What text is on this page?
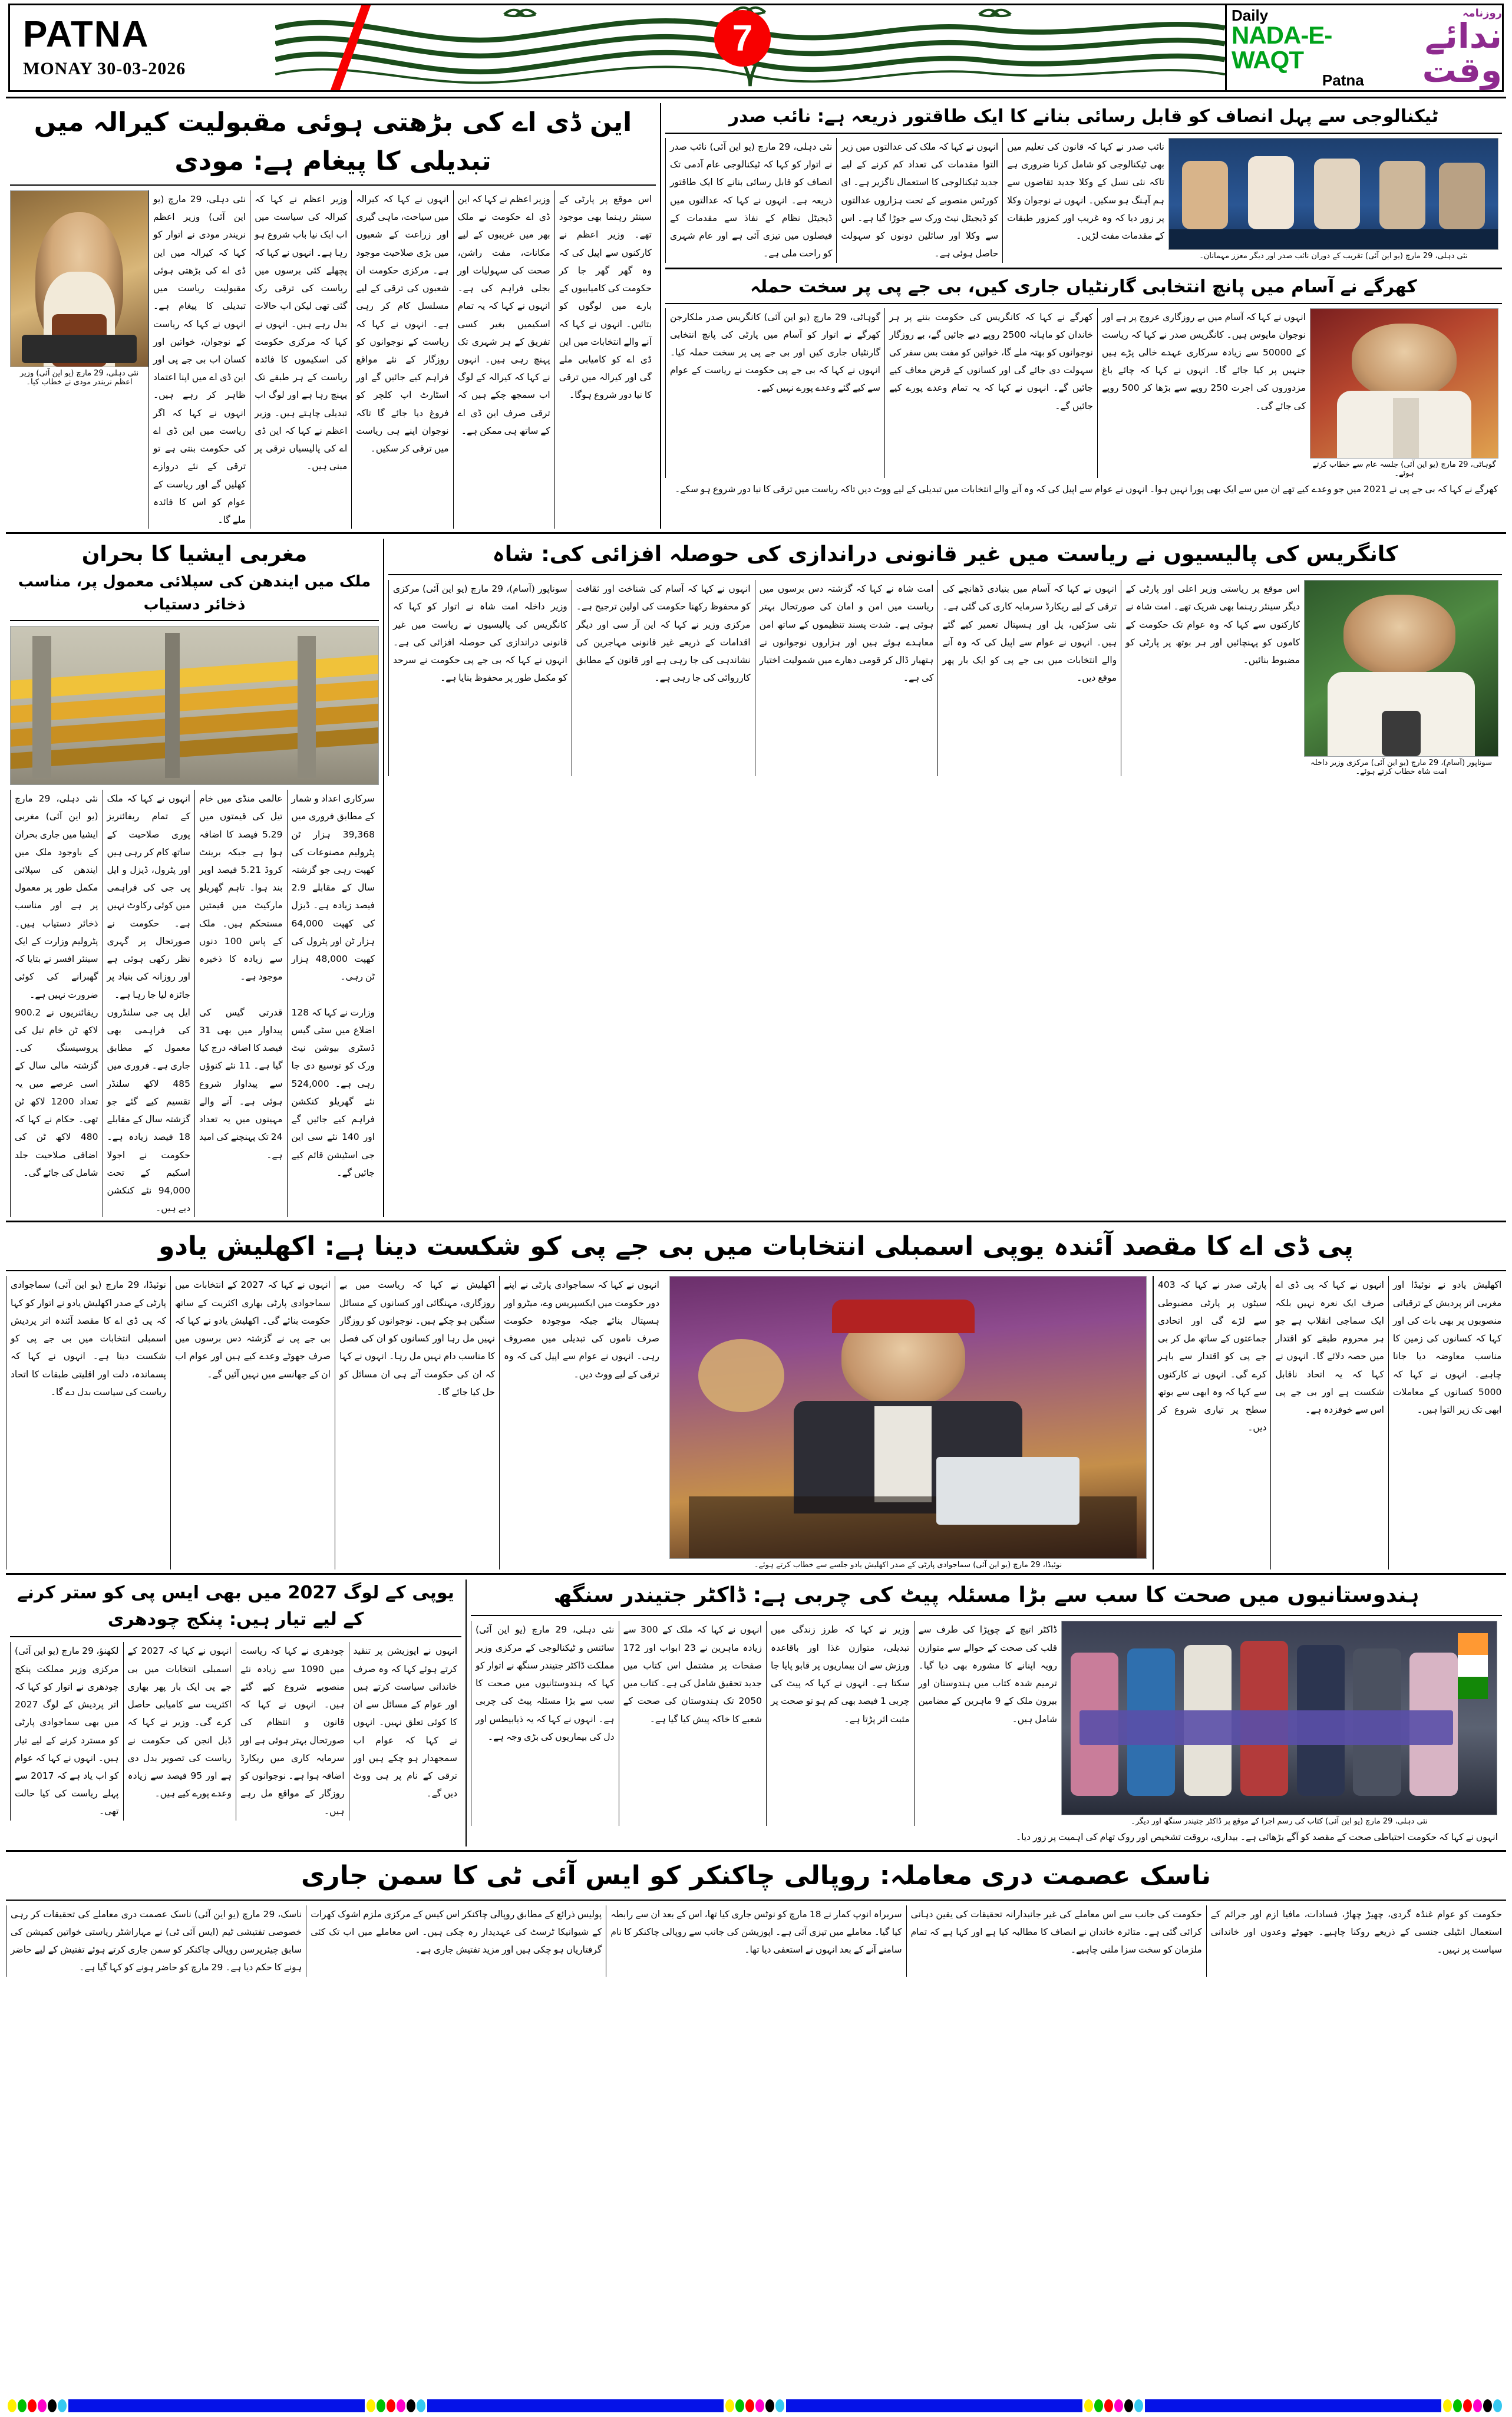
PATNA
MONAY 30-03-2026
Daily
NADA-E-WAQT
Patna
روزنامہ
ندائے وقت
7
این ڈی اے کی بڑھتی ہوئی مقبولیت کیرالہ میں تبدیلی کا پیغام ہے: مودی
نئی دہلی، 29 مارچ (یو این آئی) وزیر اعظم نریندر مودی نے خطاب کیا۔
نئی دہلی، 29 مارچ (یو این آئی) وزیر اعظم نریندر مودی نے اتوار کو کہا کہ کیرالہ میں این ڈی اے کی بڑھتی ہوئی مقبولیت ریاست میں تبدیلی کا پیغام ہے۔ انہوں نے کہا کہ ریاست کے نوجوان، خواتین اور کسان اب بی جے پی اور این ڈی اے میں اپنا اعتماد ظاہر کر رہے ہیں۔ انہوں نے کہا کہ اگر ریاست میں این ڈی اے کی حکومت بنتی ہے تو ترقی کے نئے دروازے کھلیں گے اور ریاست کے عوام کو اس کا فائدہ ملے گا۔
وزیر اعظم نے کہا کہ کیرالہ کی سیاست میں اب ایک نیا باب شروع ہو رہا ہے۔ انہوں نے کہا کہ پچھلے کئی برسوں میں ریاست کی ترقی رک گئی تھی لیکن اب حالات بدل رہے ہیں۔ انہوں نے کہا کہ مرکزی حکومت کی اسکیموں کا فائدہ ریاست کے ہر طبقے تک پہنچ رہا ہے اور لوگ اب تبدیلی چاہتے ہیں۔ وزیر اعظم نے کہا کہ این ڈی اے کی پالیسیاں ترقی پر مبنی ہیں۔
انہوں نے کہا کہ کیرالہ میں سیاحت، ماہی گیری اور زراعت کے شعبوں میں بڑی صلاحیت موجود ہے۔ مرکزی حکومت ان شعبوں کی ترقی کے لیے مسلسل کام کر رہی ہے۔ انہوں نے کہا کہ ریاست کے نوجوانوں کو روزگار کے نئے مواقع فراہم کیے جائیں گے اور اسٹارٹ اپ کلچر کو فروغ دیا جائے گا تاکہ نوجوان اپنے ہی ریاست میں ترقی کر سکیں۔
وزیر اعظم نے کہا کہ این ڈی اے حکومت نے ملک بھر میں غریبوں کے لیے مکانات، مفت راشن، صحت کی سہولیات اور بجلی فراہم کی ہے۔ انہوں نے کہا کہ یہ تمام اسکیمیں بغیر کسی تفریق کے ہر شہری تک پہنچ رہی ہیں۔ انہوں نے کہا کہ کیرالہ کے لوگ اب سمجھ چکے ہیں کہ ترقی صرف این ڈی اے کے ساتھ ہی ممکن ہے۔
اس موقع پر پارٹی کے سینئر رہنما بھی موجود تھے۔ وزیر اعظم نے کارکنوں سے اپیل کی کہ وہ گھر گھر جا کر حکومت کی کامیابیوں کے بارے میں لوگوں کو بتائیں۔ انہوں نے کہا کہ آنے والے انتخابات میں این ڈی اے کو کامیابی ملے گی اور کیرالہ میں ترقی کا نیا دور شروع ہوگا۔
ٹیکنالوجی سے پہل انصاف کو قابل رسائی بنانے کا ایک طاقتور ذریعہ ہے: نائب صدر
نئی دہلی، 29 مارچ (یو این آئی) نائب صدر نے اتوار کو کہا کہ ٹیکنالوجی عام آدمی تک انصاف کو قابل رسائی بنانے کا ایک طاقتور ذریعہ ہے۔ انہوں نے کہا کہ عدالتوں میں ڈیجیٹل نظام کے نفاذ سے مقدمات کے فیصلوں میں تیزی آئی ہے اور عام شہری کو راحت ملی ہے۔
انہوں نے کہا کہ ملک کی عدالتوں میں زیر التوا مقدمات کی تعداد کم کرنے کے لیے جدید ٹیکنالوجی کا استعمال ناگزیر ہے۔ ای کورٹس منصوبے کے تحت ہزاروں عدالتوں کو ڈیجیٹل نیٹ ورک سے جوڑا گیا ہے۔ اس سے وکلا اور سائلین دونوں کو سہولت حاصل ہوئی ہے۔
نائب صدر نے کہا کہ قانون کی تعلیم میں بھی ٹیکنالوجی کو شامل کرنا ضروری ہے تاکہ نئی نسل کے وکلا جدید تقاضوں سے ہم آہنگ ہو سکیں۔ انہوں نے نوجوان وکلا پر زور دیا کہ وہ غریب اور کمزور طبقات کے مقدمات مفت لڑیں۔
نئی دہلی، 29 مارچ (یو این آئی) تقریب کے دوران نائب صدر اور دیگر معزز مہمانان۔
کھرگے نے آسام میں پانچ انتخابی گارنٹیاں جاری کیں، بی جے پی پر سخت حملہ
گوہاٹی، 29 مارچ (یو این آئی) کانگریس صدر ملکارجن کھرگے نے اتوار کو آسام میں پارٹی کی پانچ انتخابی گارنٹیاں جاری کیں اور بی جے پی پر سخت حملہ کیا۔ انہوں نے کہا کہ بی جے پی حکومت نے ریاست کے عوام سے کیے گئے وعدے پورے نہیں کیے۔
کھرگے نے کہا کہ کانگریس کی حکومت بننے پر ہر خاندان کو ماہانہ 2500 روپے دیے جائیں گے، بے روزگار نوجوانوں کو بھتہ ملے گا، خواتین کو مفت بس سفر کی سہولت دی جائے گی اور کسانوں کے قرض معاف کیے جائیں گے۔ انہوں نے کہا کہ یہ تمام وعدے پورے کیے جائیں گے۔
انہوں نے کہا کہ آسام میں بے روزگاری عروج پر ہے اور نوجوان مایوس ہیں۔ کانگریس صدر نے کہا کہ ریاست کے 50000 سے زیادہ سرکاری عہدے خالی پڑے ہیں جنہیں پر کیا جائے گا۔ انہوں نے کہا کہ چائے باغ مزدوروں کی اجرت 250 روپے سے بڑھا کر 500 روپے کی جائے گی۔
گوہاٹی، 29 مارچ (یو این آئی) جلسہ عام سے خطاب کرتے ہوئے۔
کھرگے نے کہا کہ بی جے پی نے 2021 میں جو وعدے کیے تھے ان میں سے ایک بھی پورا نہیں ہوا۔ انہوں نے عوام سے اپیل کی کہ وہ آنے والے انتخابات میں تبدیلی کے لیے ووٹ دیں تاکہ ریاست میں ترقی کا نیا دور شروع ہو سکے۔
مغربی ایشیا کا بحران
ملک میں ایندھن کی سپلائی معمول پر، مناسب ذخائر دستیاب
نئی دہلی، 29 مارچ (یو این آئی) مغربی ایشیا میں جاری بحران کے باوجود ملک میں ایندھن کی سپلائی مکمل طور پر معمول پر ہے اور مناسب ذخائر دستیاب ہیں۔ پٹرولیم وزارت کے ایک سینئر افسر نے بتایا کہ گھبرانے کی کوئی ضرورت نہیں ہے۔
انہوں نے کہا کہ ملک کے تمام ریفائنریز پوری صلاحیت کے ساتھ کام کر رہی ہیں اور پٹرول، ڈیزل و ایل پی جی کی فراہمی میں کوئی رکاوٹ نہیں ہے۔ حکومت نے صورتحال پر گہری نظر رکھی ہوئی ہے اور روزانہ کی بنیاد پر جائزہ لیا جا رہا ہے۔
عالمی منڈی میں خام تیل کی قیمتوں میں 5.29 فیصد کا اضافہ ہوا ہے جبکہ برینٹ کروڈ 5.21 فیصد اوپر بند ہوا۔ تاہم گھریلو مارکیٹ میں قیمتیں مستحکم ہیں۔ ملک کے پاس 100 دنوں سے زیادہ کا ذخیرہ موجود ہے۔
سرکاری اعداد و شمار کے مطابق فروری میں 39,368 ہزار ٹن پٹرولیم مصنوعات کی کھپت رہی جو گزشتہ سال کے مقابلے 2.9 فیصد زیادہ ہے۔ ڈیزل کی کھپت 64,000 ہزار ٹن اور پٹرول کی کھپت 48,000 ہزار ٹن رہی۔
ریفائنریوں نے 900.2 لاکھ ٹن خام تیل کی پروسیسنگ کی۔ گزشتہ مالی سال کے اسی عرصے میں یہ تعداد 1200 لاکھ ٹن تھی۔ حکام نے کہا کہ 480 لاکھ ٹن کی اضافی صلاحیت جلد شامل کی جائے گی۔
ایل پی جی سلنڈروں کی فراہمی بھی معمول کے مطابق جاری ہے۔ فروری میں 485 لاکھ سلنڈر تقسیم کیے گئے جو گزشتہ سال کے مقابلے 18 فیصد زیادہ ہے۔ حکومت نے اجولا اسکیم کے تحت 94,000 نئے کنکشن دیے ہیں۔
قدرتی گیس کی پیداوار میں بھی 31 فیصد کا اضافہ درج کیا گیا ہے۔ 11 نئے کنوؤں سے پیداوار شروع ہوئی ہے۔ آنے والے مہینوں میں یہ تعداد 24 تک پہنچنے کی امید ہے۔
وزارت نے کہا کہ 128 اضلاع میں سٹی گیس ڈسٹری بیوشن نیٹ ورک کو توسیع دی جا رہی ہے۔ 524,000 نئے گھریلو کنکشن فراہم کیے جائیں گے اور 140 نئے سی این جی اسٹیشن قائم کیے جائیں گے۔
کانگریس کی پالیسیوں نے ریاست میں غیر قانونی دراندازی کی حوصلہ افزائی کی: شاہ
سوناپور (آسام)، 29 مارچ (یو این آئی) مرکزی وزیر داخلہ امت شاہ نے اتوار کو کہا کہ کانگریس کی پالیسیوں نے ریاست میں غیر قانونی دراندازی کی حوصلہ افزائی کی ہے۔ انہوں نے کہا کہ بی جے پی حکومت نے سرحد کو مکمل طور پر محفوظ بنایا ہے۔
انہوں نے کہا کہ آسام کی شناخت اور ثقافت کو محفوظ رکھنا حکومت کی اولین ترجیح ہے۔ مرکزی وزیر نے کہا کہ این آر سی اور دیگر اقدامات کے ذریعے غیر قانونی مہاجرین کی نشاندہی کی جا رہی ہے اور قانون کے مطابق کارروائی کی جا رہی ہے۔
امت شاہ نے کہا کہ گزشتہ دس برسوں میں ریاست میں امن و امان کی صورتحال بہتر ہوئی ہے۔ شدت پسند تنظیموں کے ساتھ امن معاہدے ہوئے ہیں اور ہزاروں نوجوانوں نے ہتھیار ڈال کر قومی دھارے میں شمولیت اختیار کی ہے۔
انہوں نے کہا کہ آسام میں بنیادی ڈھانچے کی ترقی کے لیے ریکارڈ سرمایہ کاری کی گئی ہے۔ نئی سڑکیں، پل اور ہسپتال تعمیر کیے گئے ہیں۔ انہوں نے عوام سے اپیل کی کہ وہ آنے والے انتخابات میں بی جے پی کو ایک بار پھر موقع دیں۔
اس موقع پر ریاستی وزیر اعلی اور پارٹی کے دیگر سینئر رہنما بھی شریک تھے۔ امت شاہ نے کارکنوں سے کہا کہ وہ عوام تک حکومت کے کاموں کو پہنچائیں اور ہر بوتھ پر پارٹی کو مضبوط بنائیں۔
سوناپور (آسام)، 29 مارچ (یو این آئی) مرکزی وزیر داخلہ امت شاہ خطاب کرتے ہوئے۔
پی ڈی اے کا مقصد آئندہ یوپی اسمبلی انتخابات میں بی جے پی کو شکست دینا ہے: اکھلیش یادو
نوئیڈا، 29 مارچ (یو این آئی) سماجوادی پارٹی کے صدر اکھلیش یادو نے اتوار کو کہا کہ پی ڈی اے کا مقصد آئندہ اتر پردیش اسمبلی انتخابات میں بی جے پی کو شکست دینا ہے۔ انہوں نے کہا کہ پسماندہ، دلت اور اقلیتی طبقات کا اتحاد ریاست کی سیاست بدل دے گا۔
انہوں نے کہا کہ 2027 کے انتخابات میں سماجوادی پارٹی بھاری اکثریت کے ساتھ حکومت بنائے گی۔ اکھلیش یادو نے کہا کہ بی جے پی نے گزشتہ دس برسوں میں صرف جھوٹے وعدے کیے ہیں اور عوام اب ان کے جھانسے میں نہیں آئیں گے۔
اکھلیش نے کہا کہ ریاست میں بے روزگاری، مہنگائی اور کسانوں کے مسائل سنگین ہو چکے ہیں۔ نوجوانوں کو روزگار نہیں مل رہا اور کسانوں کو ان کی فصل کا مناسب دام نہیں مل رہا۔ انہوں نے کہا کہ ان کی حکومت آتے ہی ان مسائل کو حل کیا جائے گا۔
انہوں نے کہا کہ سماجوادی پارٹی نے اپنے دور حکومت میں ایکسپریس وے، میٹرو اور ہسپتال بنائے جبکہ موجودہ حکومت صرف ناموں کی تبدیلی میں مصروف رہی۔ انہوں نے عوام سے اپیل کی کہ وہ ترقی کے لیے ووٹ دیں۔
نوئیڈا، 29 مارچ (یو این آئی) سماجوادی پارٹی کے صدر اکھلیش یادو جلسے سے خطاب کرتے ہوئے۔
پارٹی صدر نے کہا کہ 403 سیٹوں پر پارٹی مضبوطی سے لڑے گی اور اتحادی جماعتوں کے ساتھ مل کر بی جے پی کو اقتدار سے باہر کرے گی۔ انہوں نے کارکنوں سے کہا کہ وہ ابھی سے بوتھ سطح پر تیاری شروع کر دیں۔
انہوں نے کہا کہ پی ڈی اے صرف ایک نعرہ نہیں بلکہ ایک سماجی انقلاب ہے جو ہر محروم طبقے کو اقتدار میں حصہ دلائے گا۔ انہوں نے کہا کہ یہ اتحاد ناقابل شکست ہے اور بی جے پی اس سے خوفزدہ ہے۔
اکھلیش یادو نے نوئیڈا اور مغربی اتر پردیش کے ترقیاتی منصوبوں پر بھی بات کی اور کہا کہ کسانوں کی زمین کا مناسب معاوضہ دیا جانا چاہیے۔ انہوں نے کہا کہ 5000 کسانوں کے معاملات ابھی تک زیر التوا ہیں۔
یوپی کے لوگ 2027 میں بھی ایس پی کو ستر کرنے کے لیے تیار ہیں: پنکج چودھری
لکھنؤ، 29 مارچ (یو این آئی) مرکزی وزیر مملکت پنکج چودھری نے اتوار کو کہا کہ اتر پردیش کے لوگ 2027 میں بھی سماجوادی پارٹی کو مسترد کرنے کے لیے تیار ہیں۔ انہوں نے کہا کہ عوام کو اب یاد ہے کہ 2017 سے پہلے ریاست کی کیا حالت تھی۔
انہوں نے کہا کہ 2027 کے اسمبلی انتخابات میں بی جے پی ایک بار پھر بھاری اکثریت سے کامیابی حاصل کرے گی۔ وزیر نے کہا کہ ڈبل انجن کی حکومت نے ریاست کی تصویر بدل دی ہے اور 95 فیصد سے زیادہ وعدے پورے کیے ہیں۔
چودھری نے کہا کہ ریاست میں 1090 سے زیادہ نئے منصوبے شروع کیے گئے ہیں۔ انہوں نے کہا کہ قانون و انتظام کی صورتحال بہتر ہوئی ہے اور سرمایہ کاری میں ریکارڈ اضافہ ہوا ہے۔ نوجوانوں کو روزگار کے مواقع مل رہے ہیں۔
انہوں نے اپوزیشن پر تنقید کرتے ہوئے کہا کہ وہ صرف خاندانی سیاست کرتے ہیں اور عوام کے مسائل سے ان کا کوئی تعلق نہیں۔ انہوں نے کہا کہ عوام اب سمجھدار ہو چکے ہیں اور ترقی کے نام پر ہی ووٹ دیں گے۔
ہندوستانیوں میں صحت کا سب سے بڑا مسئلہ پیٹ کی چربی ہے: ڈاکٹر جتیندر سنگھ
نئی دہلی، 29 مارچ (یو این آئی) سائنس و ٹیکنالوجی کے مرکزی وزیر مملکت ڈاکٹر جتیندر سنگھ نے اتوار کو کہا کہ ہندوستانیوں میں صحت کا سب سے بڑا مسئلہ پیٹ کی چربی ہے۔ انہوں نے کہا کہ یہ ذیابیطس اور دل کی بیماریوں کی بڑی وجہ ہے۔
انہوں نے کہا کہ ملک کے 300 سے زیادہ ماہرین نے 23 ابواب اور 172 صفحات پر مشتمل اس کتاب میں جدید تحقیق شامل کی ہے۔ کتاب میں 2050 تک ہندوستان کی صحت کے شعبے کا خاکہ پیش کیا گیا ہے۔
وزیر نے کہا کہ طرز زندگی میں تبدیلی، متوازن غذا اور باقاعدہ ورزش سے ان بیماریوں پر قابو پایا جا سکتا ہے۔ انہوں نے کہا کہ پیٹ کی چربی 1 فیصد بھی کم ہو تو صحت پر مثبت اثر پڑتا ہے۔
ڈاکٹر اتیچ کے چوپڑا کی طرف سے قلب کی صحت کے حوالے سے متوازن رویہ اپنانے کا مشورہ بھی دیا گیا۔ ترمیم شدہ کتاب میں ہندوستان اور بیرون ملک کے 9 ماہرین کے مضامین شامل ہیں۔
نئی دہلی، 29 مارچ (یو این آئی) کتاب کی رسم اجرا کے موقع پر ڈاکٹر جتیندر سنگھ اور دیگر۔
انہوں نے کہا کہ حکومت احتیاطی صحت کے مقصد کو آگے بڑھائی ہے۔ بیداری، بروقت تشخیص اور روک تھام کی اہمیت پر زور دیا۔
ناسک عصمت دری معاملہ: روپالی چاکنکر کو ایس آئی ٹی کا سمن جاری
ناسک، 29 مارچ (یو این آئی) ناسک عصمت دری معاملے کی تحقیقات کر رہی خصوصی تفتیشی ٹیم (ایس آئی ٹی) نے مہاراشٹر ریاستی خواتین کمیشن کی سابق چیئرپرسن روپالی چاکنکر کو سمن جاری کرتے ہوئے تفتیش کے لیے حاضر ہونے کا حکم دیا ہے۔ 29 مارچ کو حاضر ہونے کو کہا گیا ہے۔
پولیس ذرائع کے مطابق روپالی چاکنکر اس کیس کے مرکزی ملزم اشوک کھرات کے شیوانیکا ٹرسٹ کی عہدیدار رہ چکی ہیں۔ اس معاملے میں اب تک کئی گرفتاریاں ہو چکی ہیں اور مزید تفتیش جاری ہے۔
سربراہ انوپ کمار نے 18 مارچ کو نوٹس جاری کیا تھا، اس کے بعد ان سے رابطہ کیا گیا۔ معاملے میں تیزی آئی ہے۔ اپوزیشن کی جانب سے روپالی چاکنکر کا نام سامنے آنے کے بعد انہوں نے استعفی دیا تھا۔
حکومت کی جانب سے اس معاملے کی غیر جانبدارانہ تحقیقات کی یقین دہانی کرائی گئی ہے۔ متاثرہ خاندان نے انصاف کا مطالبہ کیا ہے اور کہا ہے کہ تمام ملزمان کو سخت سزا ملنی چاہیے۔
حکومت کو عوام غنڈہ گردی، چھیڑ چھاڑ، فسادات، مافیا ازم اور جرائم کے استعمال انٹیلی جنسی کے ذریعے روکنا چاہیے۔ جھوٹے وعدوں اور خاندانی سیاست پر نہیں۔
